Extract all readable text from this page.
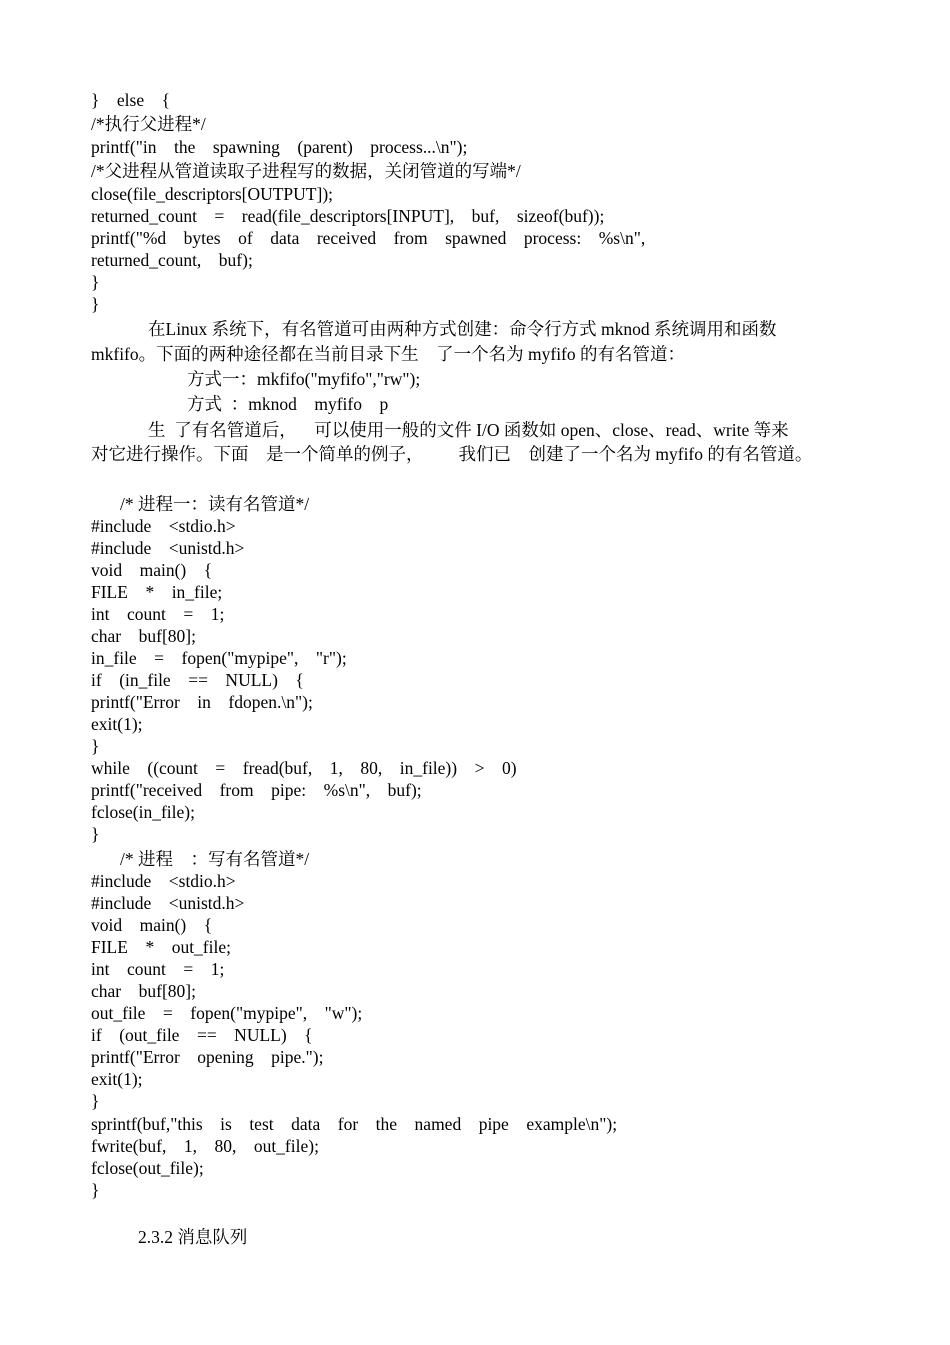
}    else    {
/*执行父进程*/
printf("in    the    spawning    (parent)    process...\n");
/*父进程从管道读取子进程写的数据，关闭管道的写端*/
close(file_descriptors[OUTPUT]);
returned_count    =    read(file_descriptors[INPUT],    buf,    sizeof(buf));
printf("%d    bytes    of    data    received    from    spawned    process:    %s\n",
returned_count,    buf);
}
}
在Linux 系统下，有名管道可由两种方式创建：命令行方式 mknod 系统调用和函数
mkfifo。下面的两种途径都在当前目录下生    了一个名为 myfifo 的有名管道：
方式一：mkfifo("myfifo","rw");
方式  ：mknod    myfifo    p
生  了有名管道后，    可以使用一般的文件 I/O 函数如 open、close、read、write 等来
对它进行操作。下面    是一个简单的例子，        我们已    创建了一个名为 myfifo 的有名管道。
/* 进程一：读有名管道*/
#include    <stdio.h>
#include    <unistd.h>
void    main()    {
FILE    *    in_file;
int    count    =    1;
char    buf[80];
in_file    =    fopen("mypipe",    "r");
if    (in_file    ==    NULL)    {
printf("Error    in    fdopen.\n");
exit(1);
}
while    ((count    =    fread(buf,    1,    80,    in_file))    >    0)
printf("received    from    pipe:    %s\n",    buf);
fclose(in_file);
}
/* 进程    ：写有名管道*/
#include    <stdio.h>
#include    <unistd.h>
void    main()    {
FILE    *    out_file;
int    count    =    1;
char    buf[80];
out_file    =    fopen("mypipe",    "w");
if    (out_file    ==    NULL)    {
printf("Error    opening    pipe.");
exit(1);
}
sprintf(buf,"this    is    test    data    for    the    named    pipe    example\n");
fwrite(buf,    1,    80,    out_file);
fclose(out_file);
}
2.3.2 消息队列
